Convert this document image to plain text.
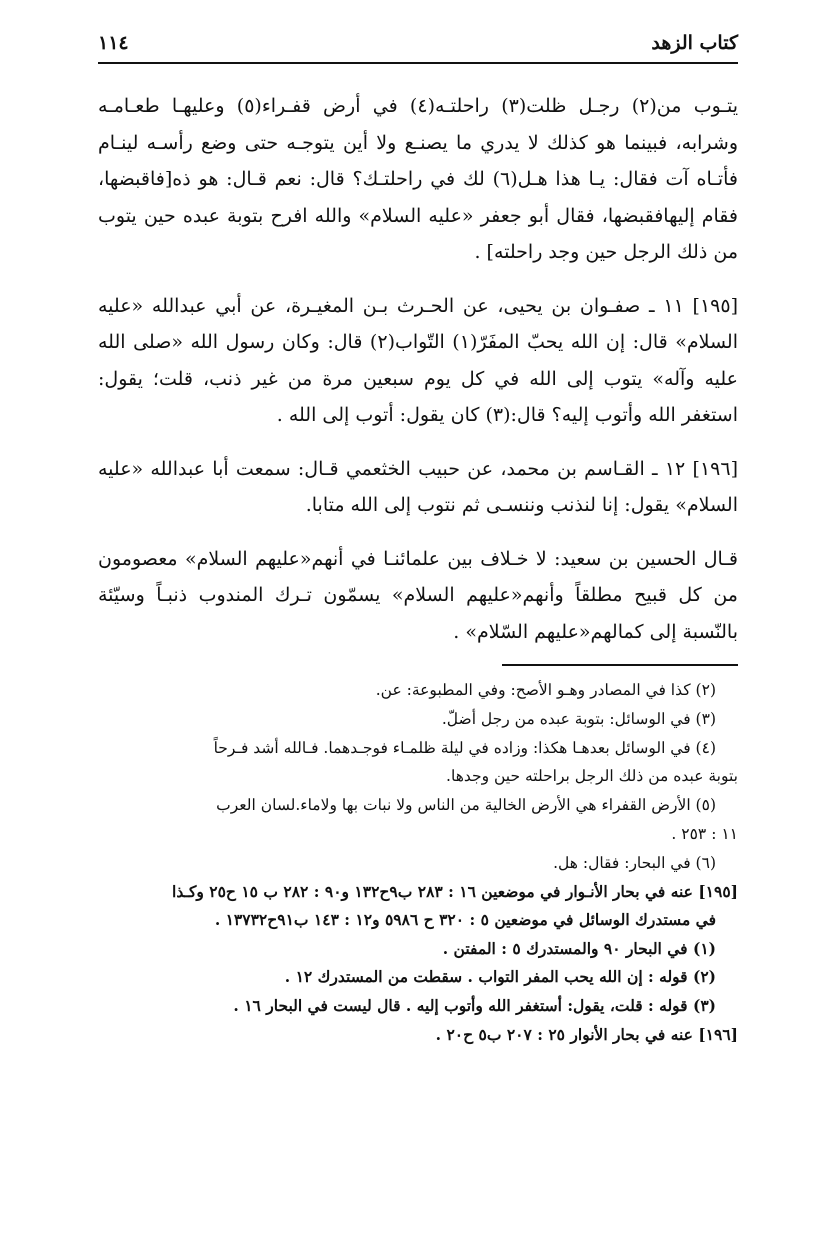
كتاب الزهد
١١٤

يتـوب من(٢) رجـل ظلت(٣) راحلتـه(٤) في أرض قفـراء(٥) وعليهـا طعـامـه وشرابه، فبينما هو كذلك لا يدري ما يصنـع ولا أين يتوجـه حتى وضع رأسـه لينـام فأتـاه آت فقال: يـا هذا هـل(٦) لك في راحلتـك؟ قال: نعم قـال: هو ذه[فاقبضها، فقام إليهافقبضها، فقال أبو جعفر «عليه السلام» والله افرح بتوبة عبده حين يتوب من ذلك الرجل حين وجد راحلته] .

[١٩٥] ١١ ـ صفـوان بن يحيى، عن الحـرث بـن المغيـرة، عن أبي عبدالله «عليه السلام» قال: إن الله يحبّ المفَرّ(١) التّواب(٢) قال: وكان رسول الله «صلى الله عليه وآله» يتوب إلى الله في كل يوم سبعين مرة من غير ذنب، قلت؛ يقول: استغفر الله وأتوب إليه؟ قال:(٣) كان يقول: أتوب إلى الله .

[١٩٦] ١٢ ـ القـاسم بن محمد، عن حبيب الخثعمي قـال: سمعت أبا عبدالله «عليه السلام» يقول: إنا لنذنب وننسـى ثم نتوب إلى الله متابا.

قـال الحسين بن سعيد: لا خـلاف بين علمائنـا في أنهم«عليهم السلام» معصومون من كل قبيح مطلقاً وأنهم«عليهم السلام» يسمّون تـرك المندوب ذنبـاً وسيّئة بالنّسبة إلى كمالهم«عليهم السّلام» .

(٢) كذا في المصادر وهـو الأصح: وفي المطبوعة: عن.

(٣) في الوسائل: بتوبة عبده من رجل أضلّ.

(٤) في الوسائل بعدهـا هكذا: وزاده في ليلة ظلمـاء فوجـدهما. فـالله أشد فـرحاً

بتوبة عبده من ذلك الرجل براحلته حين وجدها.

(٥) الأرض القفراء هي الأرض الخالية من الناس ولا نبات بها ولاماء.لسان العرب

١١ : ٢٥٣ .

(٦) في البحار: فقال: هل.

[١٩٥] عنه في بحار الأنـوار في موضعين ١٦ : ٢٨٣ ب٩ح١٣٢ و٩٠ : ٢٨٢ ب ١٥ ح٢٥ وكـذا

في مستدرك الوسائل في موضعين ٥ : ٣٢٠ ح ٥٩٨٦ و١٢ : ١٤٣ ب٩١ح١٣٧٣٢ .

(١) في البحار ٩٠ والمستدرك ٥ : المفتن .

(٢) قوله : إن الله يحب المفر التواب . سقطت من المستدرك ١٢ .

(٣) قوله : قلت، يقول: أستغفر الله وأتوب إليه . قال ليست في البحار ١٦ .

[١٩٦] عنه في بحار الأنوار ٢٥ : ٢٠٧ ب٥ ح٢٠ .
